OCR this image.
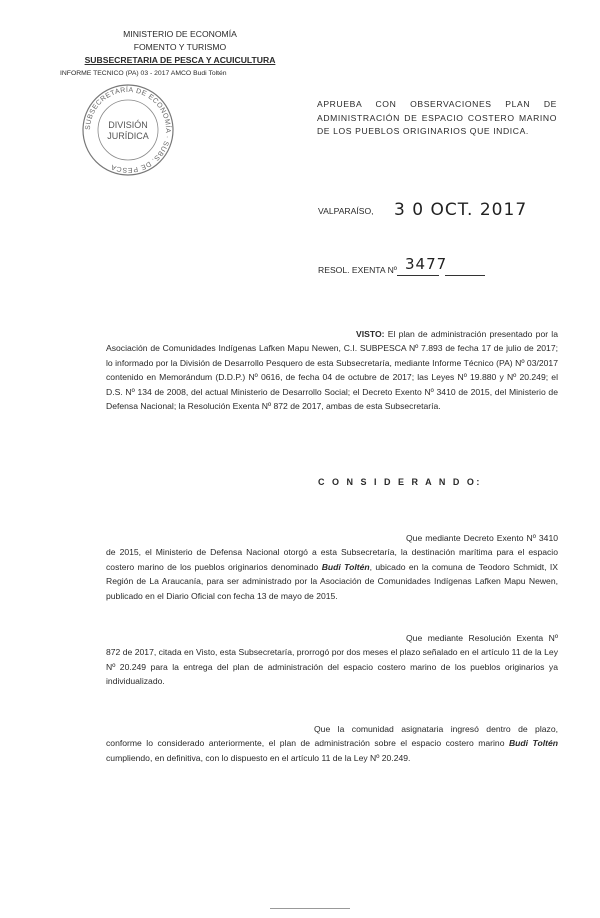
MINISTERIO DE ECONOMÍA
FOMENTO Y TURISMO
SUBSECRETARIA DE PESCA Y ACUICULTURA
INFORME TECNICO (PA) 03 - 2017 AMCO Budi Toltén
SUBSECRETARÍA DE ECONOMÍA · SUBS. DE PESCA
DIVISIÓN
JURÍDICA
APRUEBA CON OBSERVACIONES PLAN DE ADMINISTRACIÓN DE ESPACIO COSTERO MARINO DE LOS PUEBLOS ORIGINARIOS QUE INDICA.
VALPARAÍSO, 3 0 OCT. 2017
RESOL. EXENTA Nº 3477
VISTO: El plan de administración presentado por la Asociación de Comunidades Indígenas Lafken Mapu Newen, C.I. SUBPESCA Nº 7.893 de fecha 17 de julio de 2017; lo informado por la División de Desarrollo Pesquero de esta Subsecretaría, mediante Informe Técnico (PA) Nº 03/2017 contenido en Memorándum (D.D.P.) Nº 0616, de fecha 04 de octubre de 2017; las Leyes Nº 19.880 y Nº 20.249; el D.S. Nº 134 de 2008, del actual Ministerio de Desarrollo Social; el Decreto Exento Nº 3410 de 2015, del Ministerio de Defensa Nacional; la Resolución Exenta Nº 872 de 2017, ambas de esta Subsecretaría.
C O N S I D E R A N D O:
Que mediante Decreto Exento Nº 3410 de 2015, el Ministerio de Defensa Nacional otorgó a esta Subsecretaría, la destinación marítima para el espacio costero marino de los pueblos originarios denominado Budi Toltén, ubicado en la comuna de Teodoro Schmidt, IX Región de La Araucanía, para ser administrado por la Asociación de Comunidades Indígenas Lafken Mapu Newen, publicado en el Diario Oficial con fecha 13 de mayo de 2015.
Que mediante Resolución Exenta Nº 872 de 2017, citada en Visto, esta Subsecretaría, prorrogó por dos meses el plazo señalado en el artículo 11 de la Ley Nº 20.249 para la entrega del plan de administración del espacio costero marino de los pueblos originarios ya individualizado.
Que la comunidad asignataria ingresó dentro de plazo, conforme lo considerado anteriormente, el plan de administración sobre el espacio costero marino Budi Toltén cumpliendo, en definitiva, con lo dispuesto en el artículo 11 de la Ley Nº 20.249.
